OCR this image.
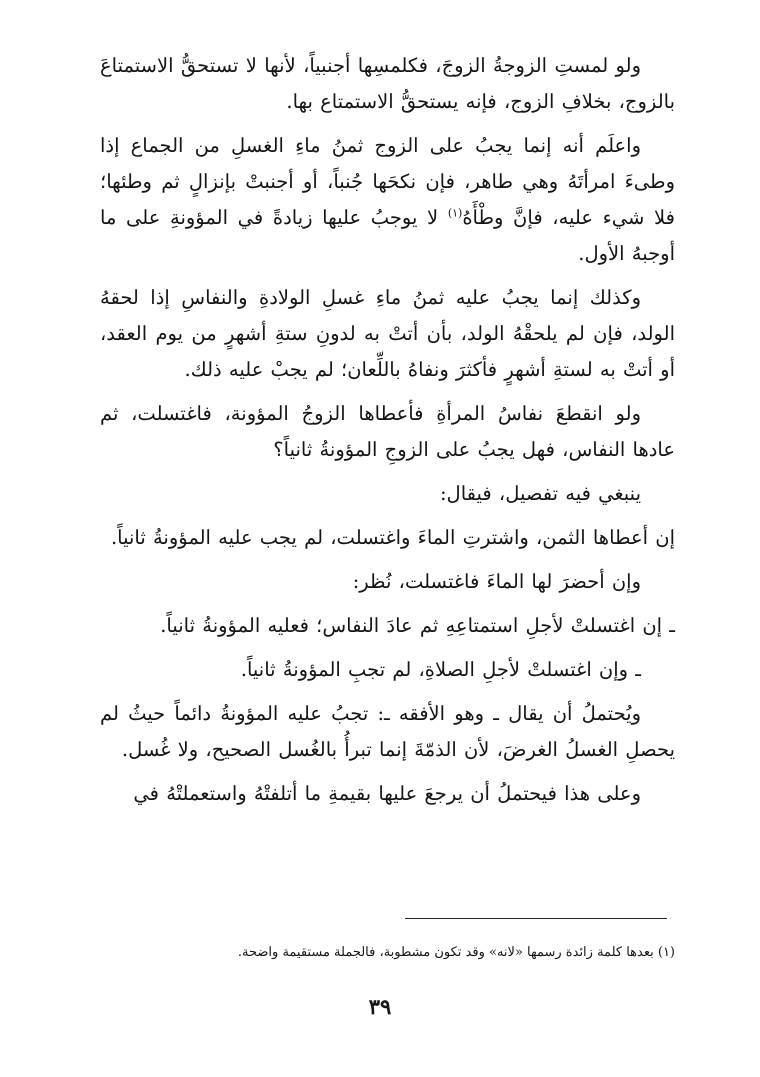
ولو لمستِ الزوجةُ الزوجَ، فكلمسِها أجنبياً، لأنها لا تستحقُّ الاستمتاعَ بالزوج، بخلافِ الزوج، فإنه يستحقُّ الاستمتاع بها.

واعلَم أنه إنما يجبُ على الزوج ثمنُ ماءِ الغسلِ من الجماع إذا وطىءَ امرأتَهُ وهي طاهر، فإن نكحَها جُنباً، أو أجنبتْ بإنزالٍ ثم وطئها؛ فلا شيء عليه، فإنَّ وطْأَهُ$^{(١)}$ لا يوجبُ عليها زيادةً في المؤونةِ على ما أوجبهُ الأول.

وكذلك إنما يجبُ عليه ثمنُ ماءِ غسلِ الولادةِ والنفاسِ إذا لحقهُ الولد، فإن لم يلحقْهُ الولد، بأن أتتْ به لدونِ ستةِ أشهرٍ من يوم العقد، أو أتتْ به لستةِ أشهرٍ فأكثرَ ونفاهُ باللِّعان؛ لم يجبْ عليه ذلك.

ولو انقطعَ نفاسُ المرأةِ فأعطاها الزوجُ المؤونة، فاغتسلت، ثم عادها النفاس، فهل يجبُ على الزوجِ المؤونةُ ثانياً؟

ينبغي فيه تفصيل، فيقال:

إن أعطاها الثمن، واشترتِ الماءَ واغتسلت، لم يجب عليه المؤونةُ ثانياً.

وإن أحضرَ لها الماءَ فاغتسلت، نُظر:

ـ إن اغتسلتْ لأجلِ استمتاعِهِ ثم عادَ النفاس؛ فعليه المؤونةُ ثانياً.

ـ وإن اغتسلتْ لأجلِ الصلاةِ، لم تجبِ المؤونةُ ثانياً.

ويُحتملُ أن يقال ـ وهو الأفقه ـ: تجبُ عليه المؤونةُ دائماً حيثُ لم يحصلِ الغسلُ الغرضَ، لأن الذمّةَ إنما تبرأُ بالغُسل الصحيح، ولا غُسل.

وعلى هذا فيحتملُ أن يرجعَ عليها بقيمةِ ما أتلفتْهُ واستعملتْهُ في

(١) بعدها كلمة زائدة رسمها «لانه» وقد تكون مشطوبة، فالجملة مستقيمة واضحة.
٣٩
